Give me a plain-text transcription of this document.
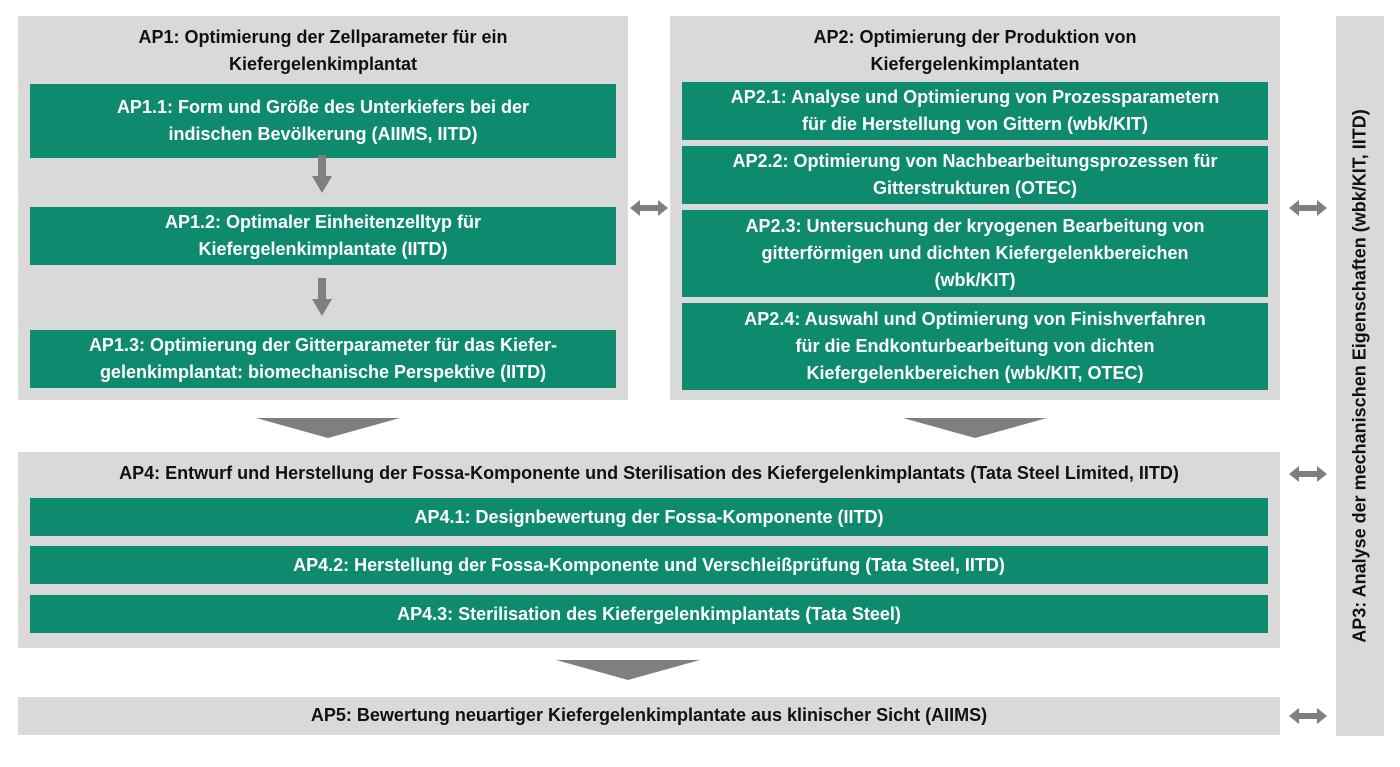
AP1: Optimierung der Zellparameter für ein
Kiefergelenkimplantat
AP1.1: Form und Größe des Unterkiefers bei der
indischen Bevölkerung (AIIMS, IITD)
AP1.2: Optimaler Einheitenzelltyp für
Kiefergelenkimplantate (IITD)
AP1.3: Optimierung der Gitterparameter für das Kiefer-
gelenkimplantat: biomechanische Perspektive (IITD)
AP2: Optimierung der Produktion von
Kiefergelenkimplantaten
AP2.1: Analyse und Optimierung von Prozessparametern
für die Herstellung von Gittern (wbk/KIT)
AP2.2: Optimierung von Nachbearbeitungsprozessen für
Gitterstrukturen (OTEC)
AP2.3: Untersuchung der kryogenen Bearbeitung von
gitterförmigen und dichten Kiefergelenkbereichen
(wbk/KIT)
AP2.4: Auswahl und Optimierung von Finishverfahren
für die Endkonturbearbeitung von dichten
Kiefergelenkbereichen (wbk/KIT, OTEC)
AP4: Entwurf und Herstellung der Fossa-Komponente und Sterilisation des Kiefergelenkimplantats (Tata Steel Limited, IITD)
AP4.1: Designbewertung der Fossa-Komponente (IITD)
AP4.2: Herstellung der Fossa-Komponente und Verschleißprüfung (Tata Steel, IITD)
AP4.3: Sterilisation des Kiefergelenkimplantats (Tata Steel)
AP5: Bewertung neuartiger Kiefergelenkimplantate aus klinischer Sicht (AIIMS)
AP3: Analyse der mechanischen Eigenschaften (wbk/KIT, IITD)
